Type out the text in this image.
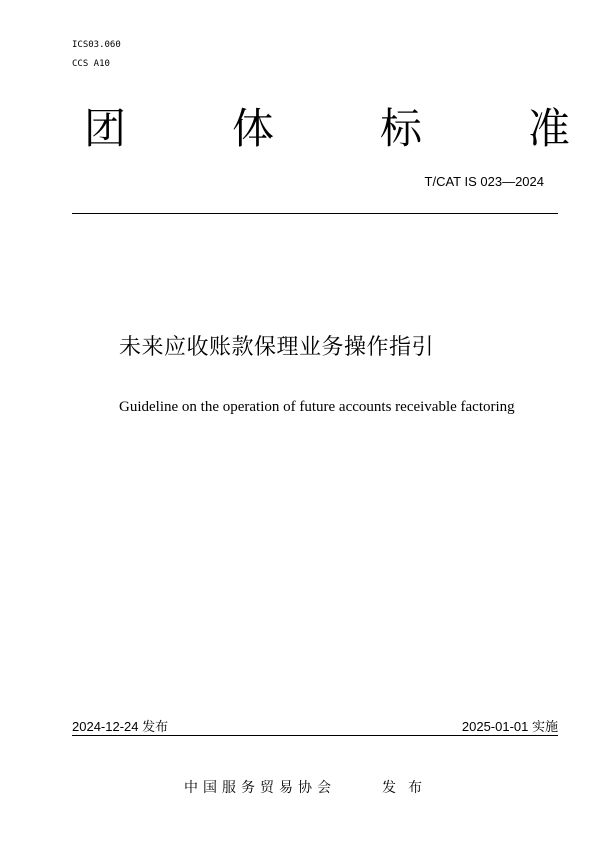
ICS03.060
CCS A10
团	体	标	准
T/CAT IS 023—2024
未来应收账款保理业务操作指引
Guideline on the operation of future accounts receivable factoring
2024-12-24 发布	2025-01-01 实施
中国服务贸易协会	发布
